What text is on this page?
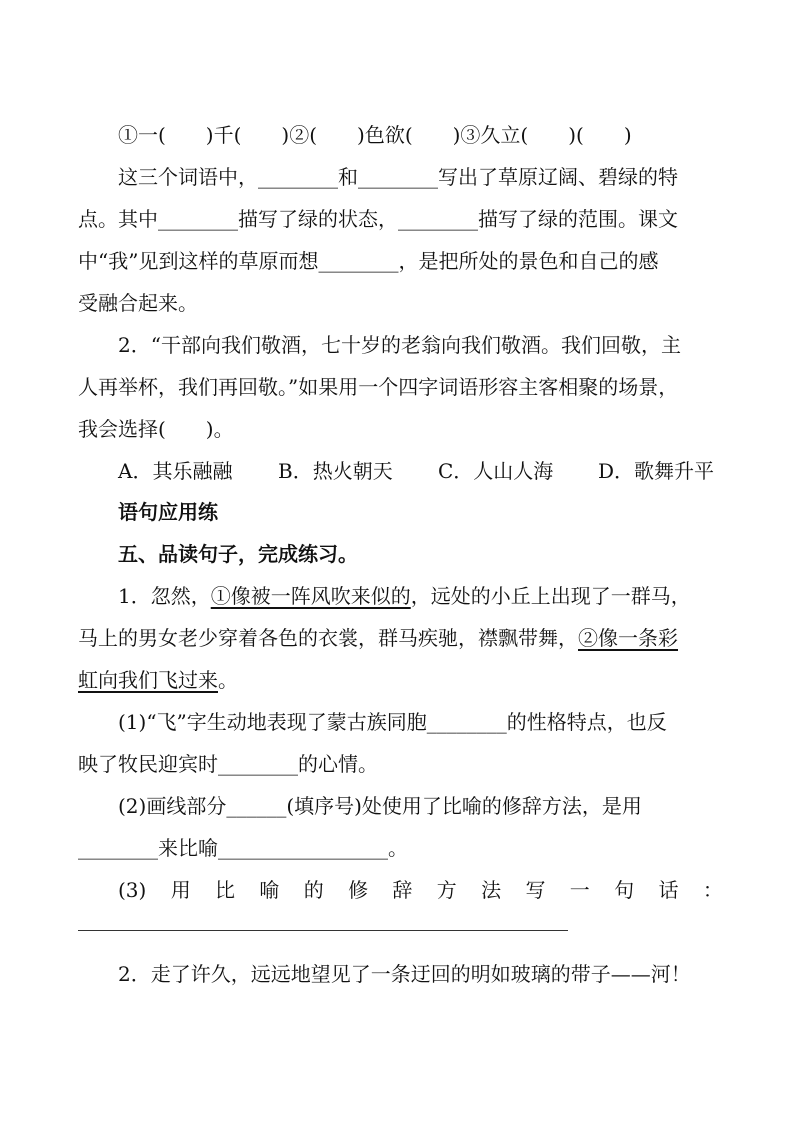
①一(　　)千(　　)②(　　)色欲(　　)③久立(　　)(　　)
这三个词语中，________和________写出了草原辽阔、碧绿的特
点。其中________描写了绿的状态，________描写了绿的范围。课文
中“我”见到这样的草原而想________，是把所处的景色和自己的感
受融合起来。
2．“干部向我们敬酒，七十岁的老翁向我们敬酒。我们回敬，主
人再举杯，我们再回敬。”如果用一个四字词语形容主客相聚的场景，
我会选择(　　)。
A．其乐融融 B．热火朝天 C．人山人海 D．歌舞升平
语句应用练
五、品读句子，完成练习。
1．忽然，①像被一阵风吹来似的，远处的小丘上出现了一群马，
马上的男女老少穿着各色的衣裳，群马疾驰，襟飘带舞，②像一条彩
虹向我们飞过来。
(1)“飞”字生动地表现了蒙古族同胞________的性格特点，也反
映了牧民迎宾时________的心情。
(2)画线部分______(填序号)处使用了比喻的修辞方法，是用
________来比喻_________________。
(3) 用 比 喻 的 修 辞 方 法 写 一 句 话 ：
2．走了许久，远远地望见了一条迂回的明如玻璃的带子——河！
